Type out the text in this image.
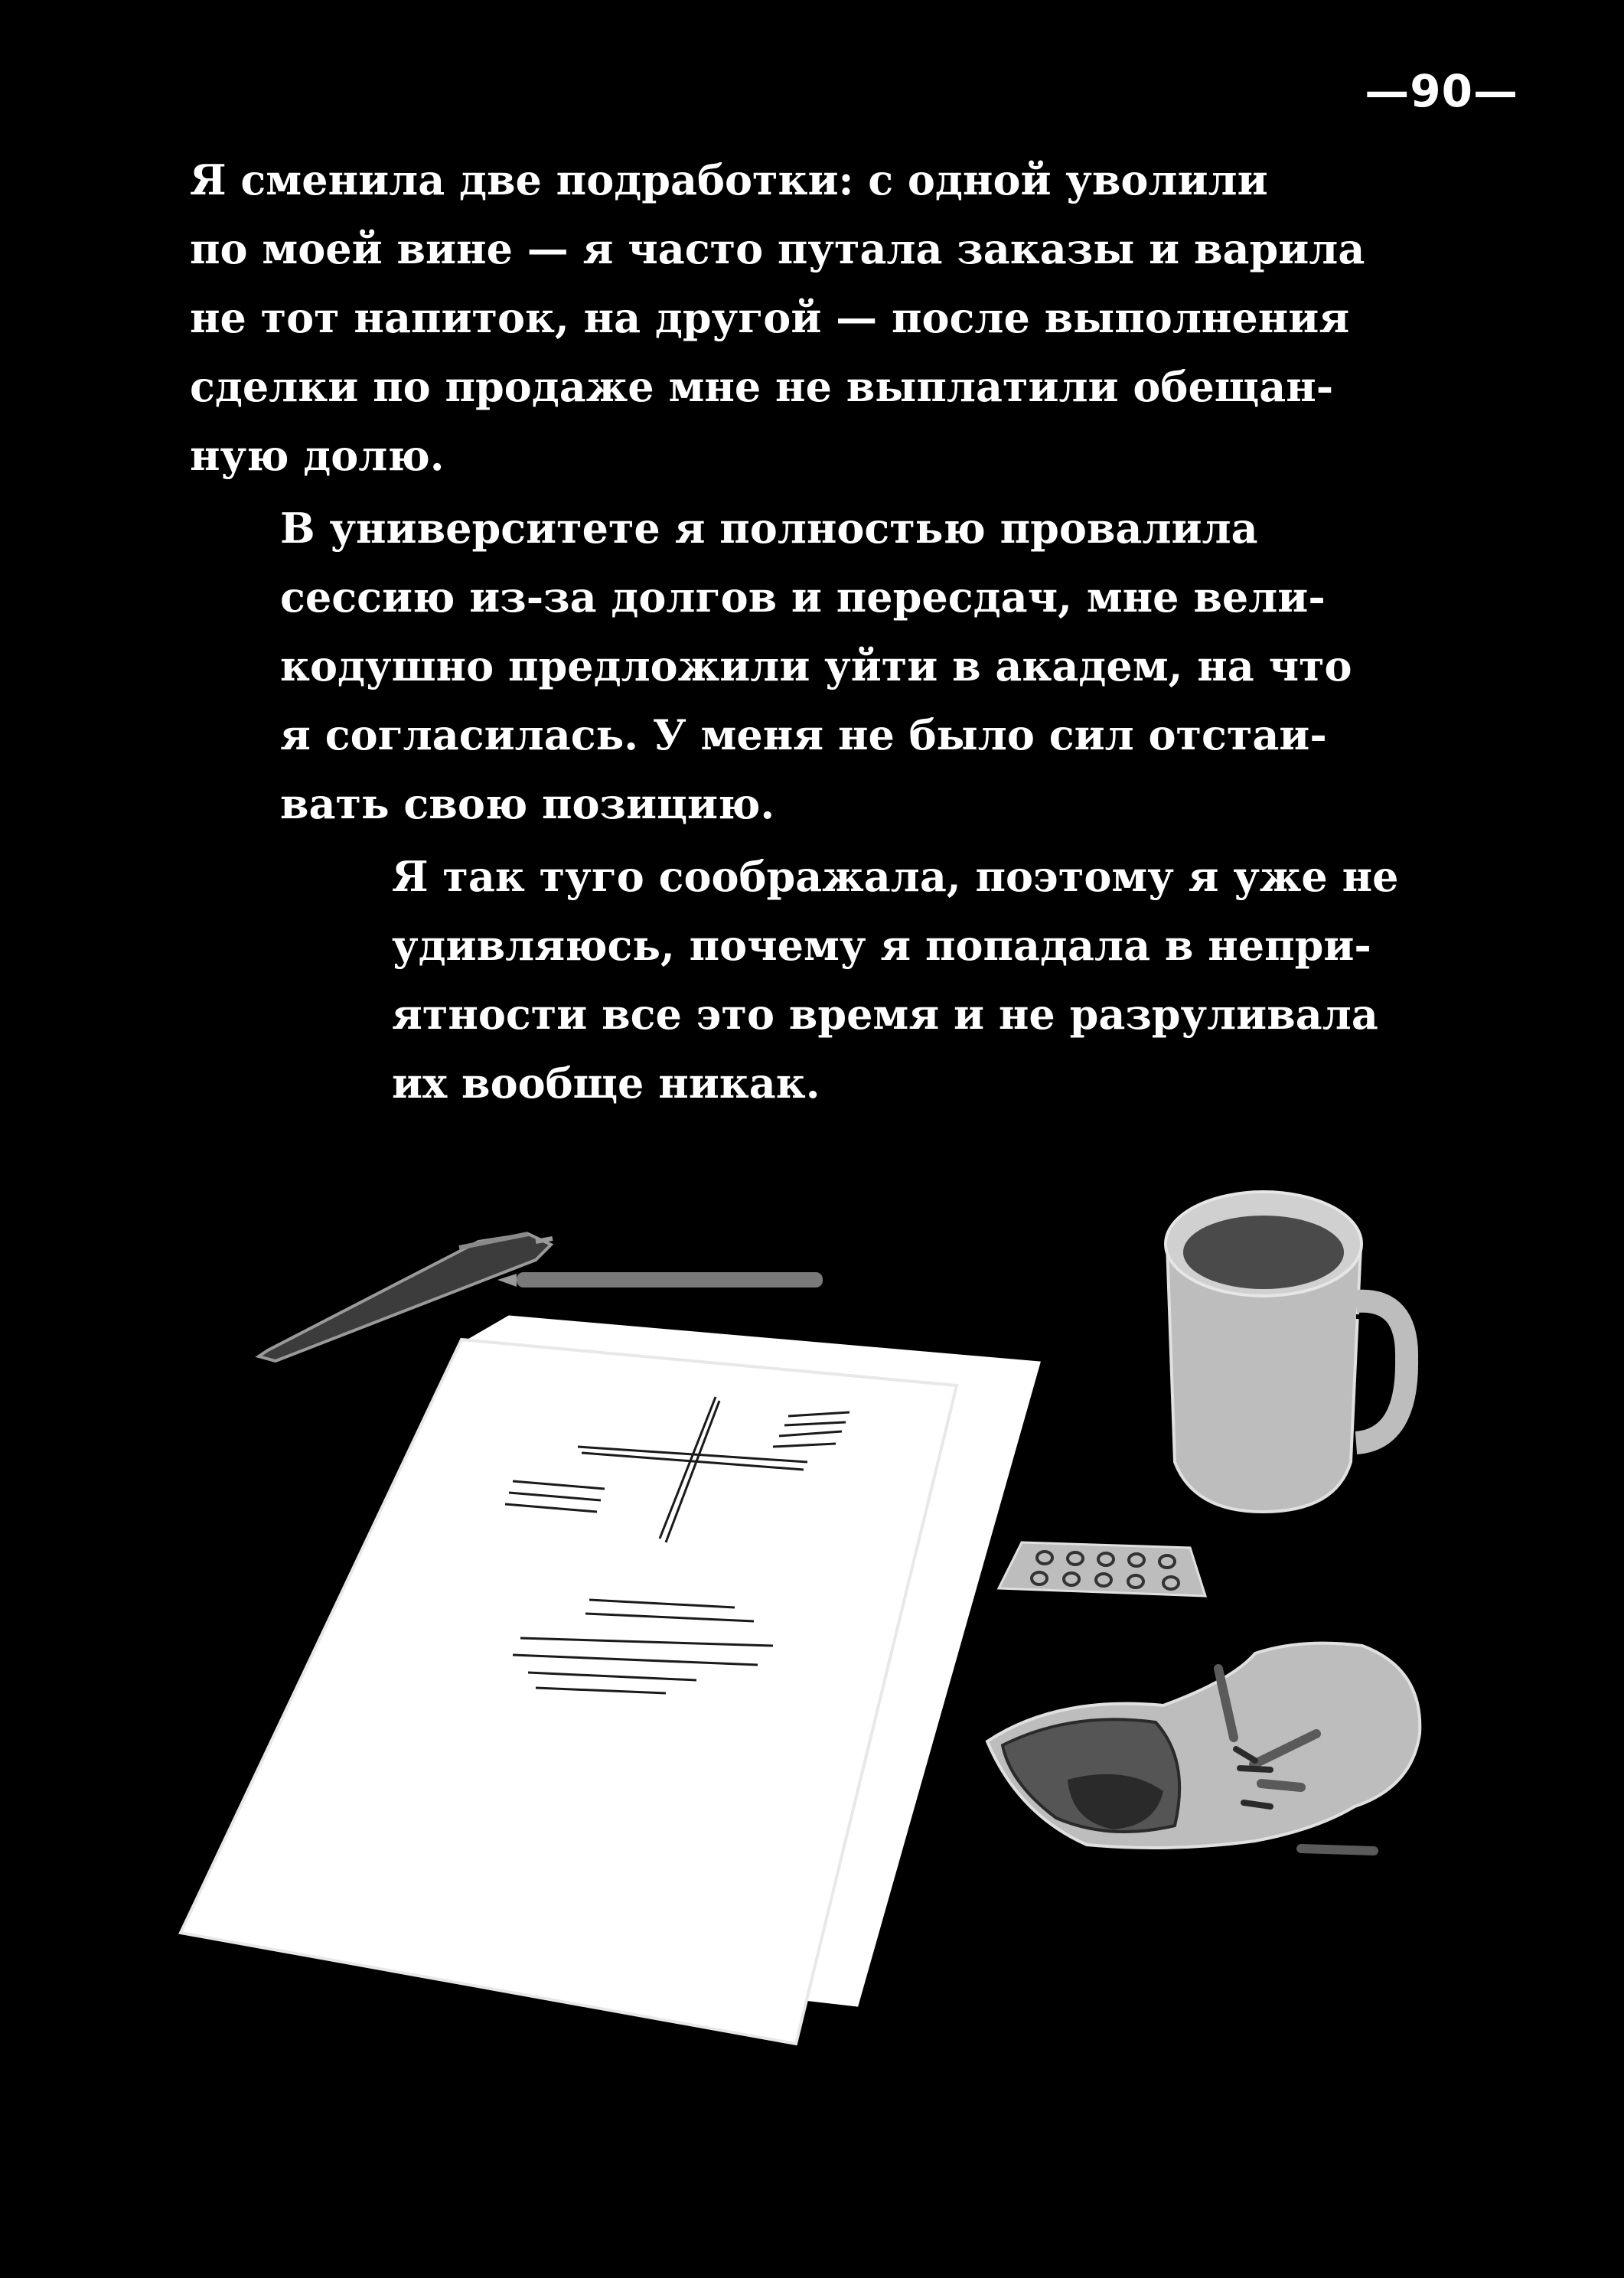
—90—
Я сменила две подработки: с одной уволили
по моей вине — я часто путала заказы и варила
не тот напиток, на другой — после выполнения
сделки по продаже мне не выплатили обещан-
ную долю.
В университете я полностью провалила
сессию из-за долгов и пересдач, мне вели-
кодушно предложили уйти в академ, на что
я согласилась. У меня не было сил отстаи-
вать свою позицию.
Я так туго соображала, поэтому я уже не
удивляюсь, почему я попадала в непри-
ятности все это время и не разруливала
их вообще никак.
